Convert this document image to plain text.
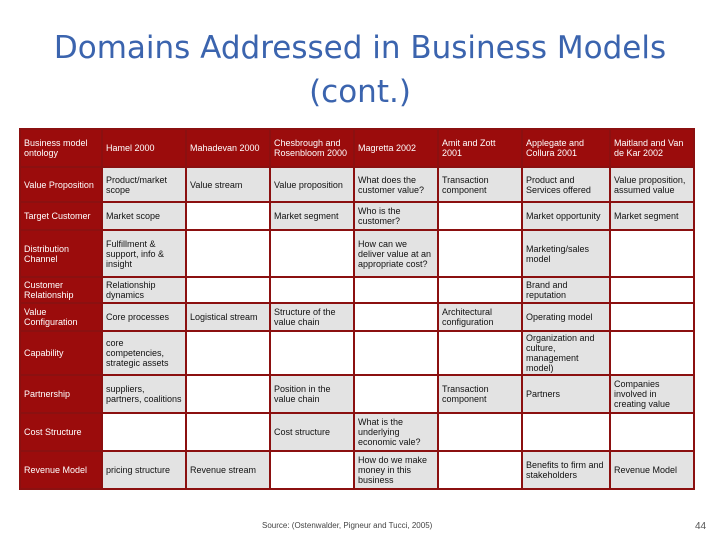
Domains Addressed in Business Models (cont.)
Business model ontology	Hamel 2000	Mahadevan 2000	Chesbrough and Rosenbloom 2000	Magretta 2002	Amit and Zott 2001	Applegate and Collura 2001	Maitland and Van de Kar 2002
Value Proposition	Product/market scope	Value stream	Value proposition	What does the customer value?	Transaction component	Product and Services offered	Value proposition, assumed value
Target Customer	Market scope		Market segment	Who is the customer?		Market opportunity	Market segment
Distribution Channel	Fulfillment & support, info & insight			How can we deliver value at an appropriate cost?		Marketing/sales model	
Customer Relationship	Relationship dynamics					Brand and reputation	
Value Configuration	Core processes	Logistical stream	Structure of the value chain		Architectural configuration	Operating model	
Capability	core competencies, strategic assets					Organization and culture, management model)	
Partnership	suppliers, partners, coalitions		Position in the value chain		Transaction component	Partners	Companies involved in creating value
Cost Structure			Cost structure	What is the underlying economic vale?			
Revenue Model	pricing structure	Revenue stream		How do we make money in this business		Benefits to firm and stakeholders	Revenue Model
Source: (Ostenwalder, Pigneur and Tucci, 2005)	44
